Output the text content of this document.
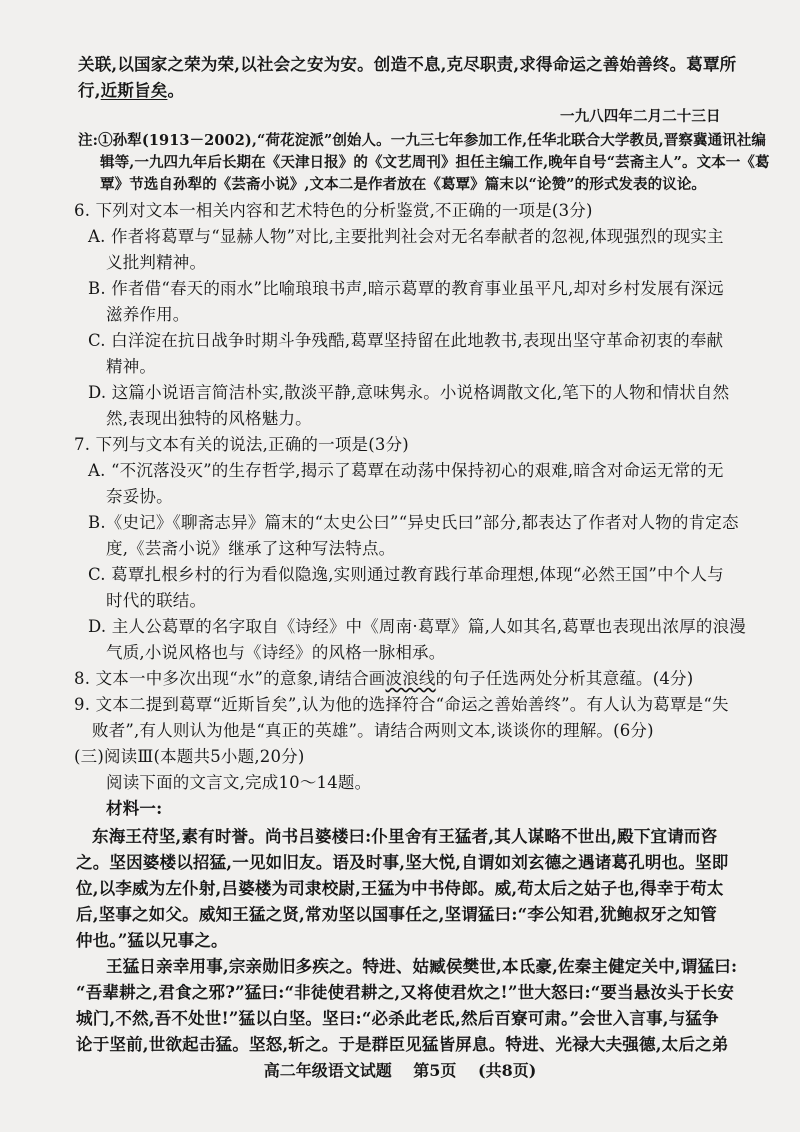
关联,以国家之荣为荣,以社会之安为安。创造不息,克尽职责,求得命运之善始善终。葛覃所
行,近斯旨矣。
一九八四年二月二十三日
注:①孙犁(1913－2002),“荷花淀派”创始人。一九三七年参加工作,任华北联合大学教员,晋察冀通讯社编
辑等,一九四九年后长期在《天津日报》的《文艺周刊》担任主编工作,晚年自号“芸斋主人”。文本一《葛
覃》节选自孙犁的《芸斋小说》,文本二是作者放在《葛覃》篇末以“论赞”的形式发表的议论。
6. 下列对文本一相关内容和艺术特色的分析鉴赏,不正确的一项是(3分)
A. 作者将葛覃与“显赫人物”对比,主要批判社会对无名奉献者的忽视,体现强烈的现实主
义批判精神。
B. 作者借“春天的雨水”比喻琅琅书声,暗示葛覃的教育事业虽平凡,却对乡村发展有深远
滋养作用。
C. 白洋淀在抗日战争时期斗争残酷,葛覃坚持留在此地教书,表现出坚守革命初衷的奉献
精神。
D. 这篇小说语言简洁朴实,散淡平静,意味隽永。小说格调散文化,笔下的人物和情状自然
然,表现出独特的风格魅力。
7. 下列与文本有关的说法,正确的一项是(3分)
A. “不沉落没灭”的生存哲学,揭示了葛覃在动荡中保持初心的艰难,暗含对命运无常的无
奈妥协。
B.《史记》《聊斋志异》篇末的“太史公曰”“异史氏曰”部分,都表达了作者对人物的肯定态
度,《芸斋小说》继承了这种写法特点。
C. 葛覃扎根乡村的行为看似隐逸,实则通过教育践行革命理想,体现“必然王国”中个人与
时代的联结。
D. 主人公葛覃的名字取自《诗经》中《周南·葛覃》篇,人如其名,葛覃也表现出浓厚的浪漫
气质,小说风格也与《诗经》的风格一脉相承。
8. 文本一中多次出现“水”的意象,请结合画波浪线的句子任选两处分析其意蕴。(4分)
9. 文本二提到葛覃“近斯旨矣”,认为他的选择符合“命运之善始善终”。有人认为葛覃是“失
败者”,有人则认为他是“真正的英雄”。请结合两则文本,谈谈你的理解。(6分)
(三)阅读Ⅲ(本题共5小题,20分)
阅读下面的文言文,完成10～14题。
材料一:
东海王苻坚,素有时誉。尚书吕婆楼曰:仆里舍有王猛者,其人谋略不世出,殿下宜请而咨
之。坚因婆楼以招猛,一见如旧友。语及时事,坚大悦,自谓如刘玄德之遇诸葛孔明也。坚即
位,以李威为左仆射,吕婆楼为司隶校尉,王猛为中书侍郎。威,苟太后之姑子也,得幸于苟太
后,坚事之如父。威知王猛之贤,常劝坚以国事任之,坚谓猛曰:“李公知君,犹鲍叔牙之知管
仲也。”猛以兄事之。
王猛日亲幸用事,宗亲勋旧多疾之。特进、姑臧侯樊世,本氐豪,佐秦主健定关中,谓猛曰:
“吾辈耕之,君食之邪?”猛曰:“非徒使君耕之,又将使君炊之!”世大怒曰:“要当悬汝头于长安
城门,不然,吾不处世!”猛以白坚。坚曰:“必杀此老氐,然后百寮可肃。”会世入言事,与猛争
高二年级语文试题 第5页 (共8页)
论于坚前,世欲起击猛。坚怒,斩之。于是群臣见猛皆屏息。特进、光禄大夫强德,太后之弟
